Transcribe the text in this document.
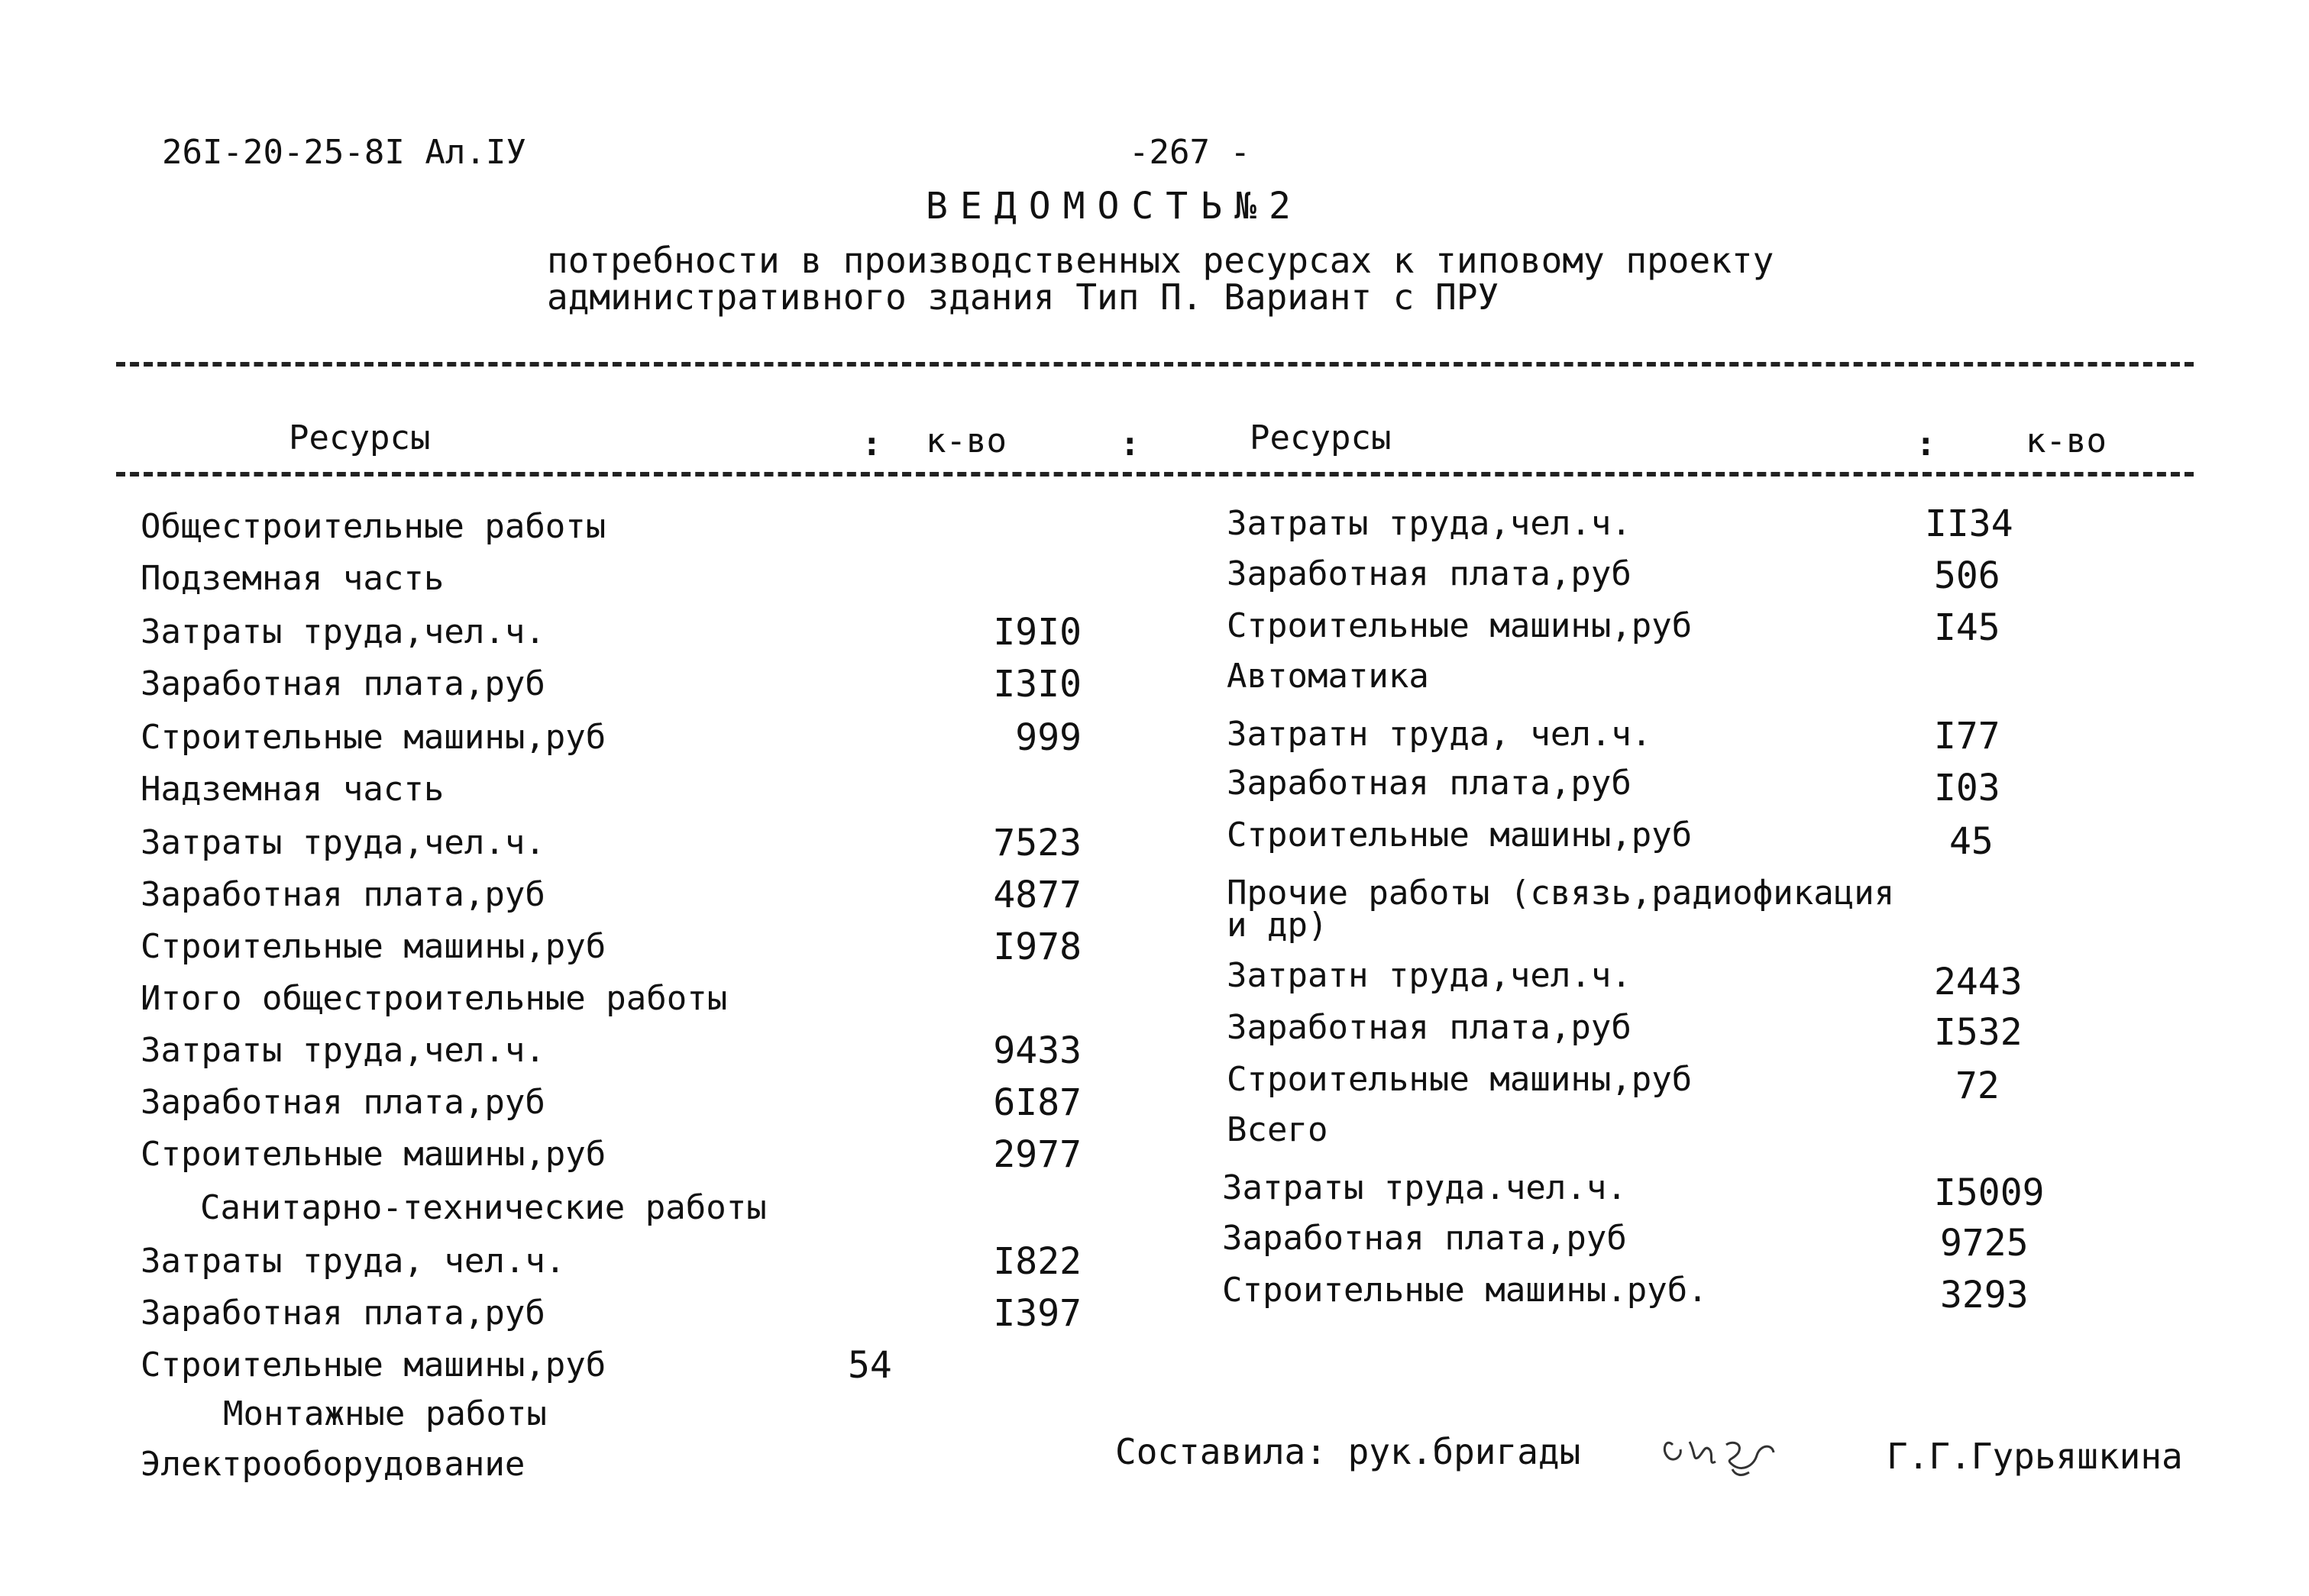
26I-20-25-8I Ал.IУ	-267 -
ВЕДОМОСТЬ№2
потребности в производственных ресурсах к типовому проекту
административного здания Тип П. Вариант с ПРУ
Ресурсы	: к-во	:	Ресурсы	:	к-во
Общестроительные работы
Подземная часть
Затраты труда,чел.ч.	I9I0
Заработная плата,руб	I3I0
Строительные машины,руб	999
Надземная часть
Затраты труда,чел.ч.	7523
Заработная плата,руб	4877
Строительные машины,руб	I978
Итого общестроительные работы
Затраты труда,чел.ч.	9433
Заработная плата,руб	6I87
Строительные машины,руб	2977
Санитарно-технические работы
Затраты труда, чел.ч.	I822
Заработная плата,руб	I397
Строительные машины,руб	54
Монтажные работы
Электрооборудование
Затраты труда,чел.ч.	II34
Заработная плата,руб	506
Строительные машины,руб	I45
Автоматика
Затратн труда, чел.ч.	I77
Заработная плата,руб	I03
Строительные машины,руб	45
Прочие работы (связь,радиофикация
и др)
Затратн труда,чел.ч.	2443
Заработная плата,руб	I532
Строительные машины,руб	72
Всего
Затраты труда.чел.ч.	I5009
Заработная плата,руб	9725
Строительные машины.руб.	3293
Составила: рук.бригады	Г.Г.Гурьяшкина
